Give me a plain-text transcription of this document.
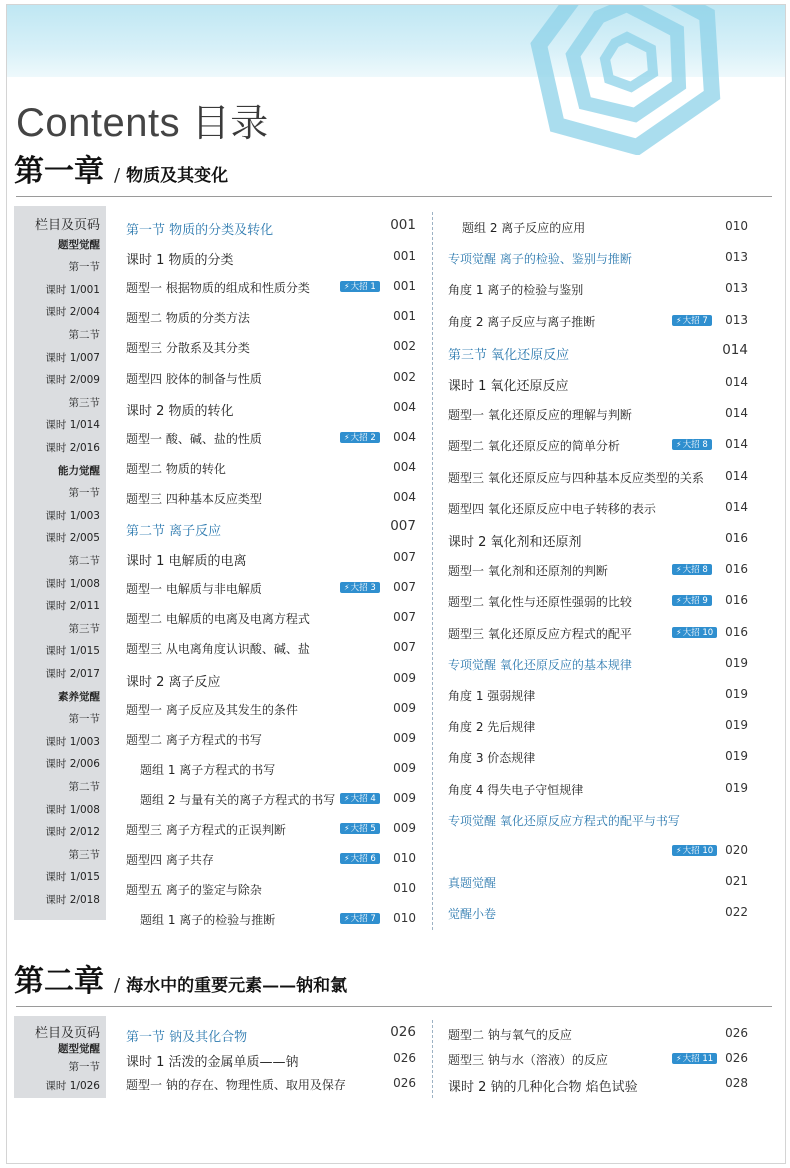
Contents 目录
第一章 / 物质及其变化
栏目及页码
题型觉醒
第一节
课时 1/001
课时 2/004
第二节
课时 1/007
课时 2/009
第三节
课时 1/014
课时 2/016
能力觉醒
第一节
课时 1/003
课时 2/005
第二节
课时 1/008
课时 2/011
第三节
课时 1/015
课时 2/017
素养觉醒
第一节
课时 1/003
课时 2/006
第二节
课时 1/008
课时 2/012
第三节
课时 1/015
课时 2/018
第一节 物质的分类及转化	001
课时 1 物质的分类	001
题型一 根据物质的组成和性质分类	001
⚡大招 1
题型二 物质的分类方法	001
题型三 分散系及其分类	002
题型四 胶体的制备与性质	002
课时 2 物质的转化	004
题型一 酸、碱、盐的性质	004
⚡大招 2
题型二 物质的转化	004
题型三 四种基本反应类型	004
第二节 离子反应	007
课时 1 电解质的电离	007
题型一 电解质与非电解质	007
⚡大招 3
题型二 电解质的电离及电离方程式	007
题型三 从电离角度认识酸、碱、盐	007
课时 2 离子反应	009
题型一 离子反应及其发生的条件	009
题型二 离子方程式的书写	009
题组 1 离子方程式的书写	009
题组 2 与量有关的离子方程式的书写	009
⚡大招 4
题型三 离子方程式的正误判断	009
⚡大招 5
题型四 离子共存	010
⚡大招 6
题型五 离子的鉴定与除杂	010
题组 1 离子的检验与推断	010
⚡大招 7
题组 2 离子反应的应用	010
专项觉醒 离子的检验、鉴别与推断	013
角度 1 离子的检验与鉴别	013
角度 2 离子反应与离子推断	013
⚡大招 7
第三节 氧化还原反应	014
课时 1 氧化还原反应	014
题型一 氧化还原反应的理解与判断	014
题型二 氧化还原反应的简单分析	014
⚡大招 8
题型三 氧化还原反应与四种基本反应类型的关系	014
题型四 氧化还原反应中电子转移的表示	014
课时 2 氧化剂和还原剂	016
题型一 氧化剂和还原剂的判断	016
⚡大招 8
题型二 氧化性与还原性强弱的比较	016
⚡大招 9
题型三 氧化还原反应方程式的配平	016
⚡大招 10
专项觉醒 氧化还原反应的基本规律	019
角度 1 强弱规律	019
角度 2 先后规律	019
角度 3 价态规律	019
角度 4 得失电子守恒规律	019
专项觉醒 氧化还原反应方程式的配平与书写
020
⚡大招 10
真题觉醒	021
觉醒小卷	022
第二章 / 海水中的重要元素——钠和氯
栏目及页码
题型觉醒
第一节
课时 1/026
第一节 钠及其化合物	026
课时 1 活泼的金属单质——钠	026
题型一 钠的存在、物理性质、取用及保存	026
题型二 钠与氧气的反应	026
题型三 钠与水（溶液）的反应	026
⚡大招 11
课时 2 钠的几种化合物 焰色试验	028
